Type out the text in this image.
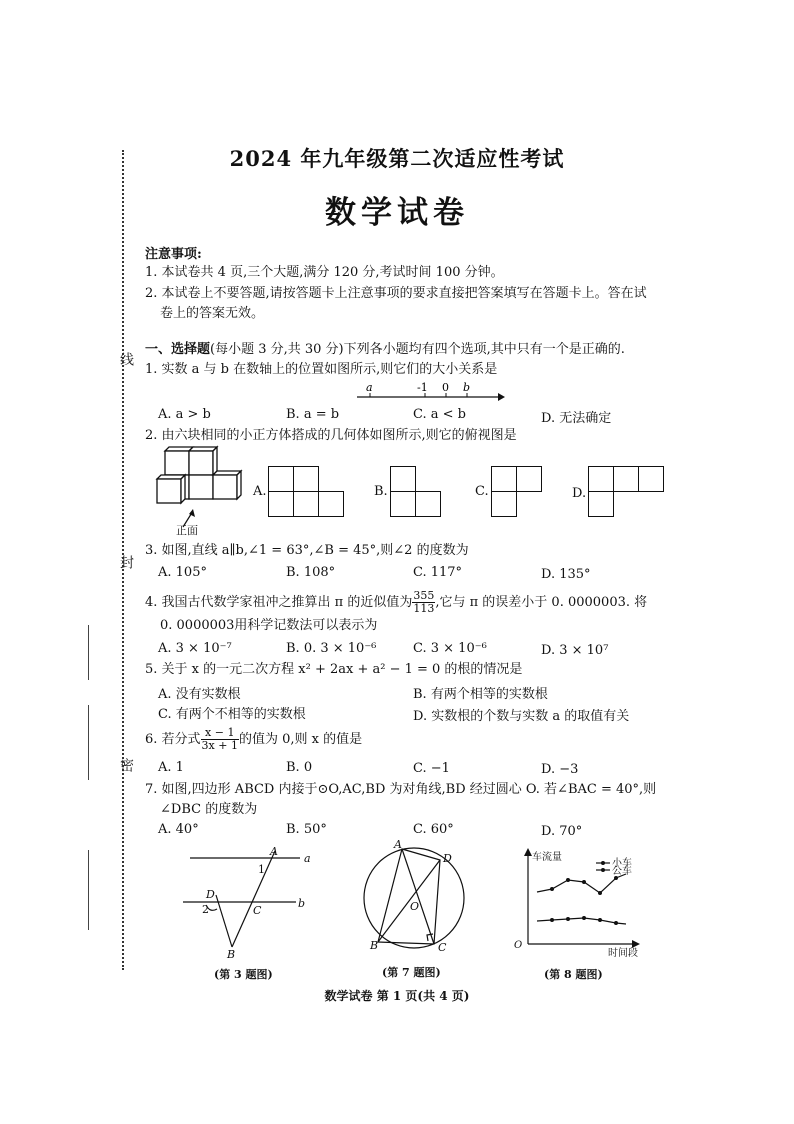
线
封
密
2024 年九年级第二次适应性考试
数学试卷
注意事项:
1. 本试卷共 4 页,三个大题,满分 120 分,考试时间 100 分钟。
2. 本试卷上不要答题,请按答题卡上注意事项的要求直接把答案填写在答题卡上。答在试
卷上的答案无效。
一、选择题(每小题 3 分,共 30 分)下列各小题均有四个选项,其中只有一个是正确的.
1. 实数 a 与 b 在数轴上的位置如图所示,则它们的大小关系是
a	-1 0 b
A. a > b	B. a = b	C. a < b	D. 无法确定
2. 由六块相同的小正方体搭成的几何体如图所示,则它的俯视图是
正面
A.	B.	C.	D.
3. 如图,直线 a∥b,∠1 = 63°,∠B = 45°,则∠2 的度数为
A. 105°	B. 108°	C. 117°	D. 135°
4. 我国古代数学家祖冲之推算出 π 的近似值为 $\frac{355}{113}$ ,它与 π 的误差小于 0. 0000003. 将
0. 0000003用科学记数法可以表示为
A. 3 × 10⁻⁷	B. 0. 3 × 10⁻⁶	C. 3 × 10⁻⁶	D. 3 × 10⁷
5. 关于 x 的一元二次方程 x² + 2ax + a² − 1 = 0 的根的情况是
A. 没有实数根	B. 有两个相等的实数根
C. 有两个不相等的实数根	D. 实数根的个数与实数 a 的取值有关
6. 若分式 $\frac{x - 1}{3x + 1}$ 的值为 0,则 x 的值是
A. 1	B. 0	C. −1	D. −3
7. 如图,四边形 ABCD 内接于⊙O,AC,BD 为对角线,BD 经过圆心 O. 若∠BAC = 40°,则
∠DBC 的度数为
A. 40°	B. 50°	C. 60°	D. 70°
A
a
1
D
2	C
b
B
(第 3 题图)
A
D
O
B	C
(第 7 题图)
车流量
时间段
O
小车
公车
(第 8 题图)
数学试卷 第 1 页(共 4 页)
